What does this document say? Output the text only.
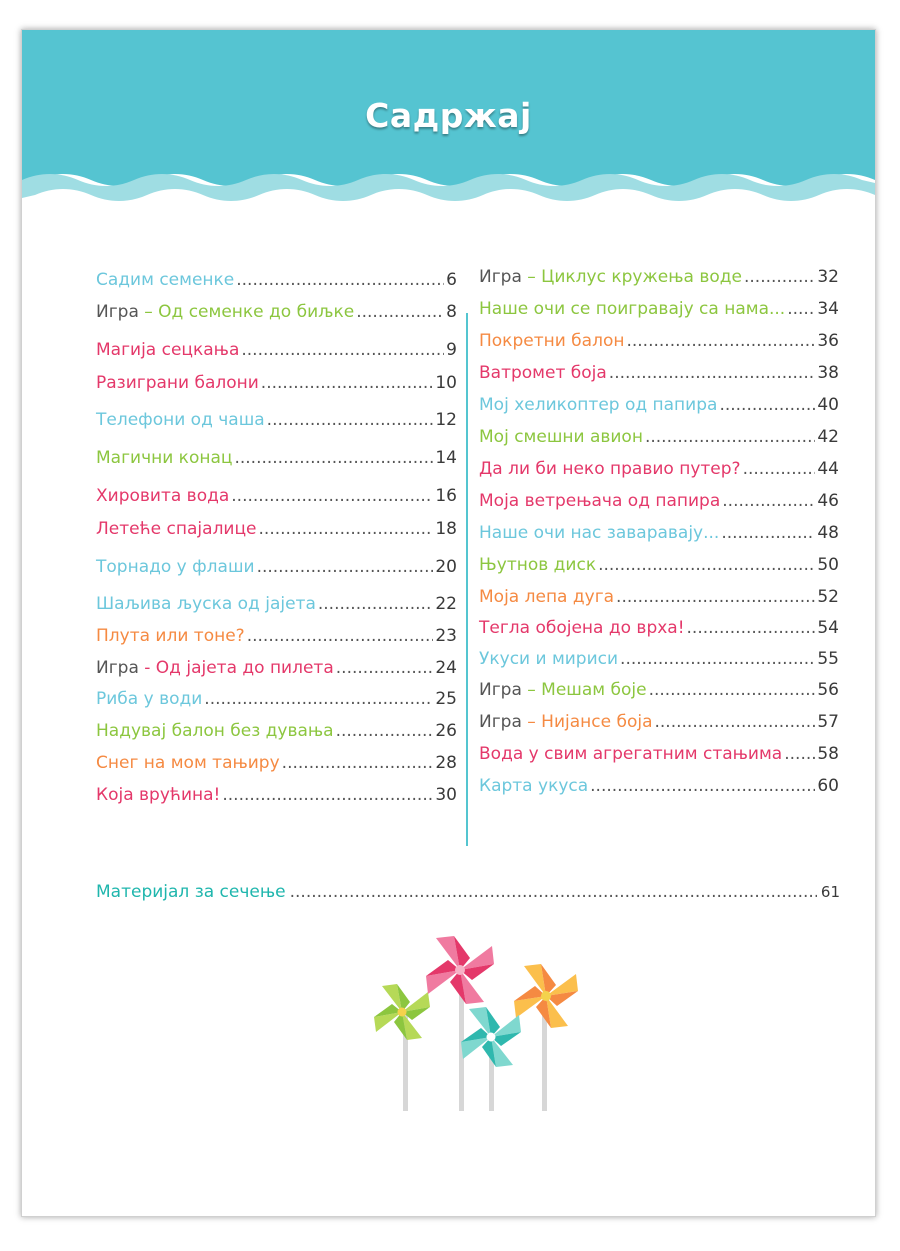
Садржај
Садим семенке .....	6
Игра – Од семенке до биљке .....	8
Магија сецкања .....	9
Разиграни балони .....	10
Телефони од чаша .....	12
Магични конац .....	14
Хировита вода .....	16
Летеће спајалице .....	18
Торнадо у флаши .....	20
Шаљива љуска од јајета .....	22
Плута или тоне? .....	23
Игра - Од јајета до пилета .....	24
Риба у води .....	25
Надувај балон без дувања .....	26
Снег на мом тањиру .....	28
Која врућина! .....	30
Игра – Циклус кружења воде .....	32
Наше очи се поигравају са нама... ..... 34
Покретни балон .....	36
Ватромет боја .....	38
Мој хеликоптер од папира .....	40
Мој смешни авион .....	42
Да ли би неко правио путер? .....	44
Моја ветрењача од папира .....	46
Наше очи нас заваравају... .....	48
Њутнов диск .....	50
Моја лепа дуга .....	52
Тегла обојена до врха! .....	54
Укуси и мириси .....	55
Игра – Мешам боје .....	56
Игра – Нијансе боја .....	57
Вода у свим агрегатним стањима ..... 58
Карта укуса .....	60
Материјал за сечење .....	61
